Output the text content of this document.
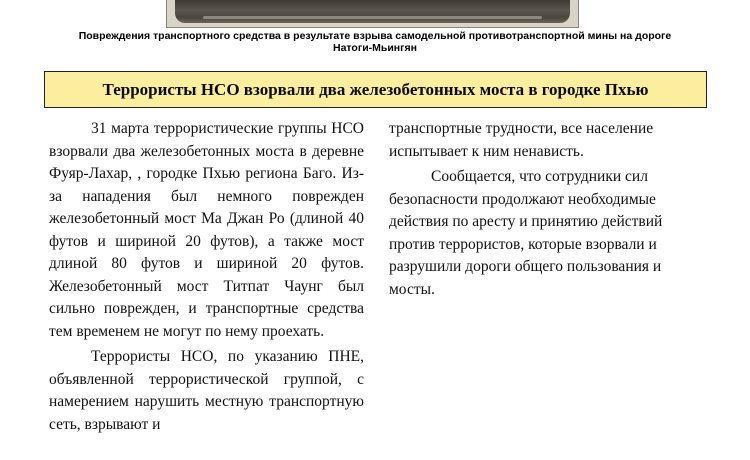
Повреждения транспортного средства в результате взрыва самодельной противотранспортной мины на дороге
Натоги-Мьингян

Террористы НСО взорвали два железобетонных моста в городке Пхью

31 марта террористические группы НСО взорвали два железобетонных моста в деревне Фуяр-Лахар, , городке Пхью региона Баго. Из-за нападения был немного поврежден железобетонный мост Ма Джан Ро (длиной 40 футов и шириной 20 футов), а также мост длиной 80 футов и шириной 20 футов. Железобетонный мост Титпат Чаунг был сильно поврежден, и транспортные средства тем временем не могут по нему проехать.

Террористы НСО, по указанию ПНЕ, объявленной террористической группой, с намерением нарушить местную транспортную сеть, взрывают и

транспортные трудности, все население испытывает к ним ненависть.

Сообщается, что сотрудники сил безопасности продолжают необходимые действия по аресту и принятию действий против террористов, которые взорвали и разрушили дороги общего пользования и мосты.
